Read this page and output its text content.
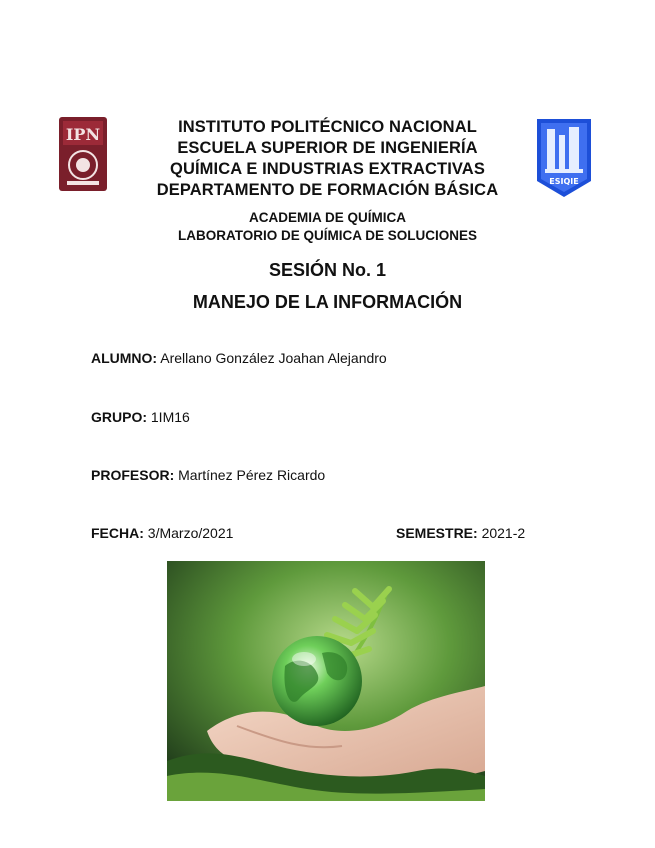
IPN
ESIQIE
INSTITUTO POLITÉCNICO NACIONAL
ESCUELA SUPERIOR DE INGENIERÍA
QUÍMICA E INDUSTRIAS EXTRACTIVAS
DEPARTAMENTO DE FORMACIÓN BÁSICA
ACADEMIA DE QUÍMICA
LABORATORIO DE QUÍMICA DE SOLUCIONES
SESIÓN No. 1
MANEJO DE LA INFORMACIÓN
ALUMNO: Arellano González Joahan Alejandro
GRUPO: 1IM16
PROFESOR: Martínez Pérez Ricardo
FECHA: 3/Marzo/2021	SEMESTRE: 2021-2
